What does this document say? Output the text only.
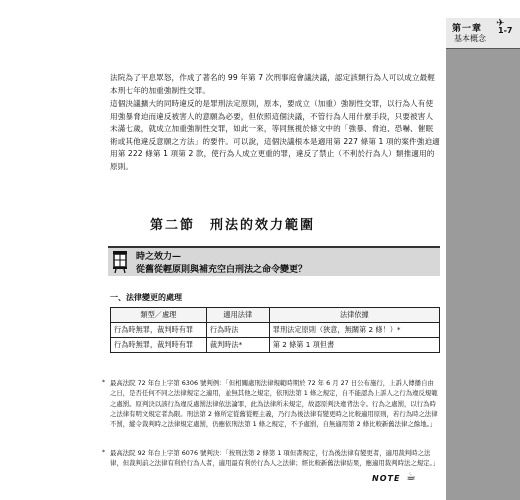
✈
第一章
基本概念
1-7
法院為了平息眾怒，作成了著名的 99 年第 7 次刑事庭會議決議，認定該類行為人可以成立最輕本刑七年的加重強制性交罪。
這個決議擴大的同時違反的是罪刑法定原則，原本，要成立（加重）強制性交罪，以行為人有使用強暴脅迫而違反被害人的意願為必要，但依照這個決議，不管行為人用什麼手段，只要被害人未滿七歲，就成立加重強制性交罪，如此一來，等同無視於條文中的「強暴、脅迫、恐嚇、催眠術或其他違反意願之方法」的要件。可以說，這個決議根本是適用第 227 條第 1 項的案件強迫適用第 222 條第 1 項第 2 款，使行為人成立更重的罪，違反了禁止（不利於行為人）類推適用的原則。
第二節　刑法的效力範圍
時之效力—
從舊從輕原則與補充空白刑法之命令變更？
一、法律變更的處理
類型／處理	適用法律	法律依據
行為時無罪，裁判時有罪	行為時法	罪刑法定原則（狹意，無關第 2 條！）*
行為時無罪，裁判時有罪	裁判時法*	第 2 條第 1 項但書
* 最高法院 72 年台上字第 6306 號判例：「但相關處刑法律規範時期於 72 年 6 月 27 日公布施行，上訴人傳播自由之日，是否任何不同之法律規定之適用，並無其他之規定，依刑法第 1 條之規定，自不能認為上訴人之行為違反規範之處罰。原判決以該行為違反處罰法律依法論罪，此為法律所未規定，故認原判決違背法令。行為之處罰，以行為時之法律有明文規定者為限。刑法第 2 條所定從舊從輕主義，乃行為後法律有變更時之比較適用原則，若行為時之法律不罰，縱令裁判時之法律規定處罰，仍應依刑法第 1 條之規定，不予處罰，自無適用第 2 條比較新舊法律之餘地。」
* 最高法院 92 年台上字第 6076 號判決：「按刑法第 2 條第 1 項但書規定，行為後法律有變更者，適用裁判時之法律，但裁判前之法律有利於行為人者，適用最有利於行為人之法律；經比較新舊法律結果，應適用裁判時法之規定。」
NOTE ☕
